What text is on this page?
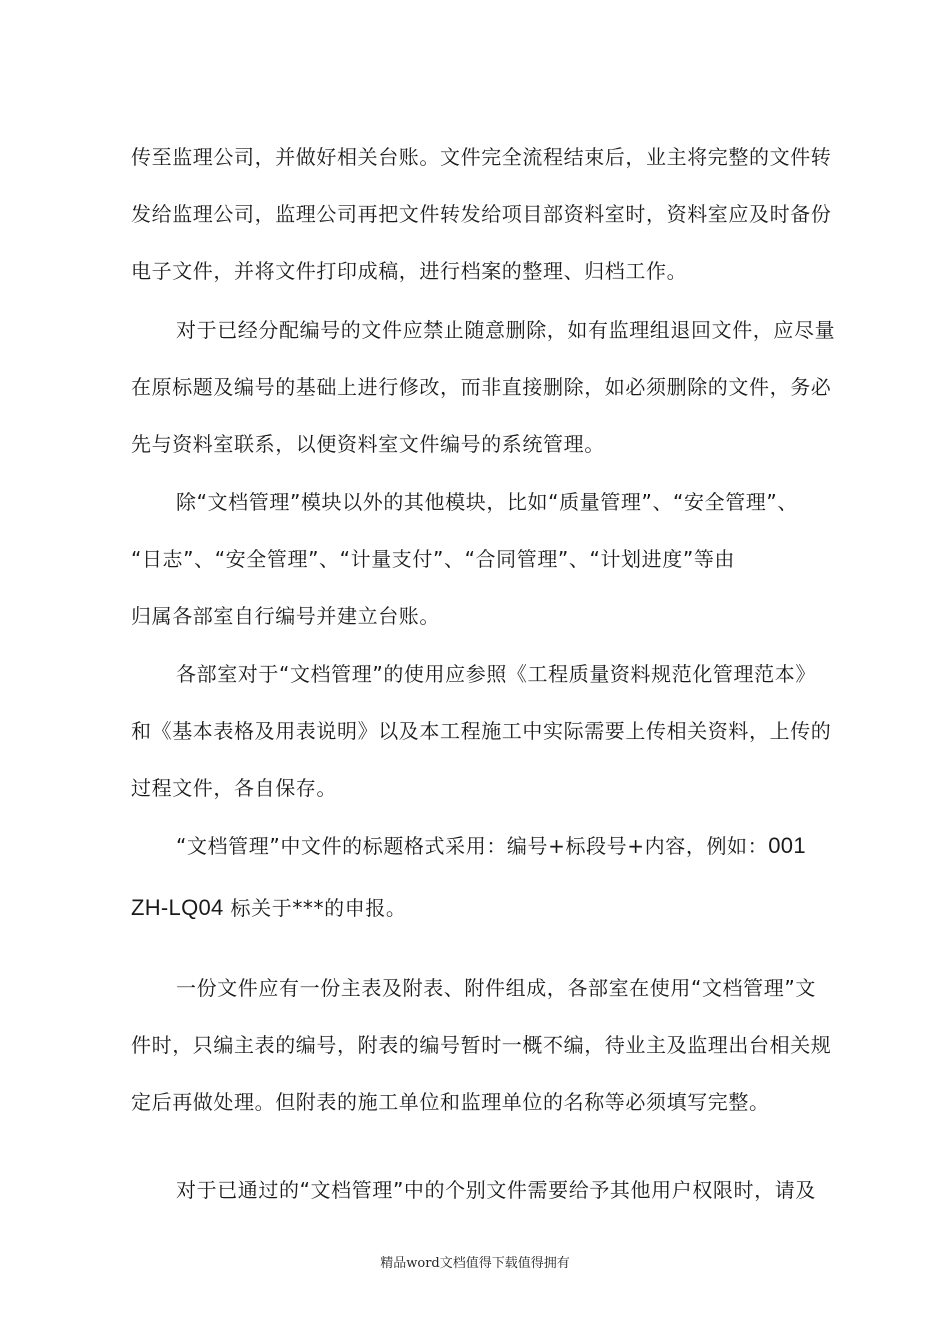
传至监理公司，并做好相关台账。文件完全流程结束后，业主将完整的文件转
发给监理公司，监理公司再把文件转发给项目部资料室时，资料室应及时备份
电子文件，并将文件打印成稿，进行档案的整理、归档工作。
对于已经分配编号的文件应禁止随意删除，如有监理组退回文件，应尽量
在原标题及编号的基础上进行修改，而非直接删除，如必须删除的文件，务必
先与资料室联系，以便资料室文件编号的系统管理。
除“文档管理”模块以外的其他模块，比如“质量管理”、“安全管理”、
“日志”、“安全管理”、“计量支付”、“合同管理”、“计划进度”等由
归属各部室自行编号并建立台账。
各部室对于“文档管理”的使用应参照《工程质量资料规范化管理范本》
和《基本表格及用表说明》以及本工程施工中实际需要上传相关资料，上传的
过程文件，各自保存。
“文档管理”中文件的标题格式采用：编号+标段号+内容，例如：001
ZH-LQ04 标关于***的申报。
一份文件应有一份主表及附表、附件组成，各部室在使用“文档管理”文
件时，只编主表的编号，附表的编号暂时一概不编，待业主及监理出台相关规
定后再做处理。但附表的施工单位和监理单位的名称等必须填写完整。
对于已通过的“文档管理”中的个别文件需要给予其他用户权限时，请及
精品word文档值得下载值得拥有
